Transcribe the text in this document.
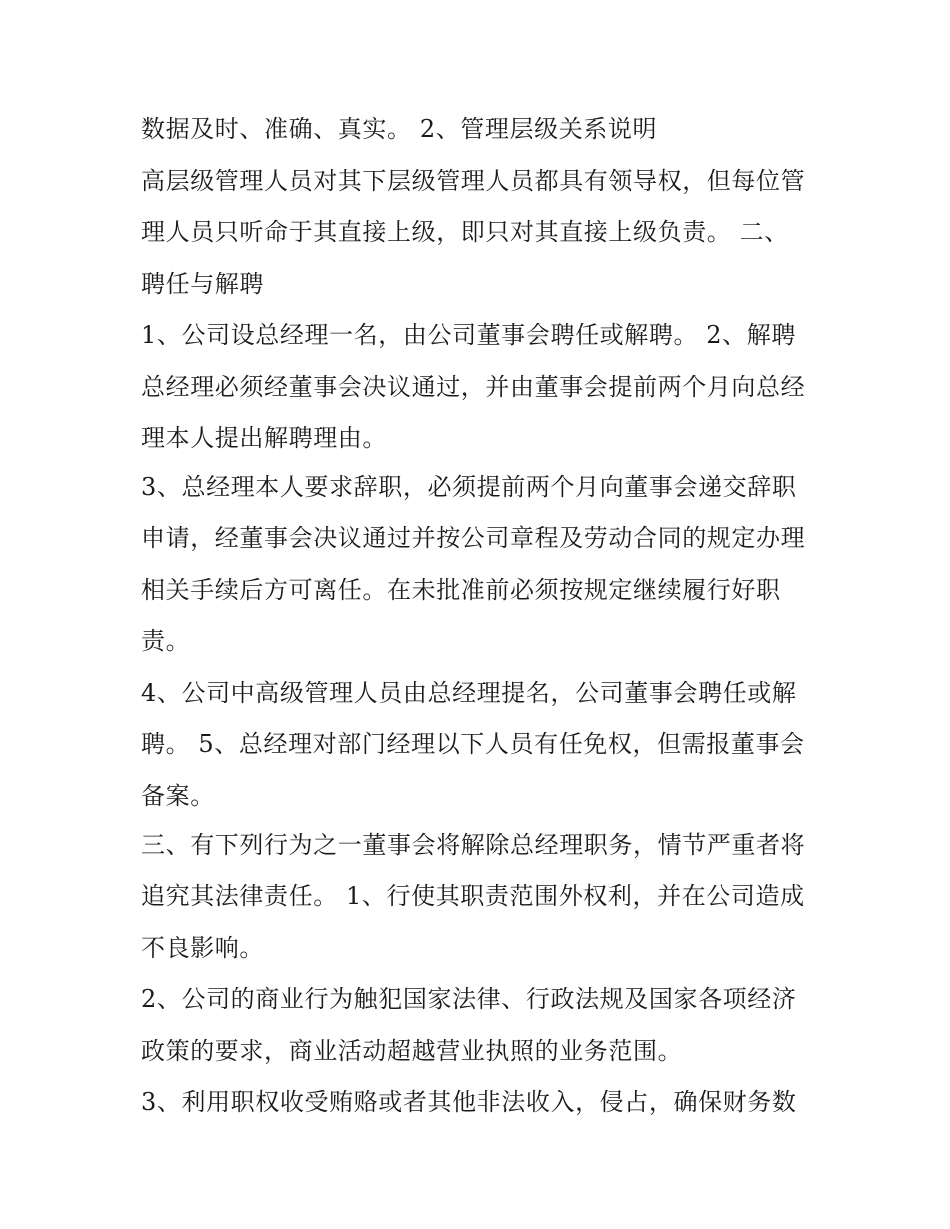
数据及时、准确、真实。 2、管理层级关系说明

高层级管理人员对其下层级管理人员都具有领导权，但每位管

理人员只听命于其直接上级，即只对其直接上级负责。 二、

聘任与解聘

1、公司设总经理一名，由公司董事会聘任或解聘。 2、解聘

总经理必须经董事会决议通过，并由董事会提前两个月向总经

理本人提出解聘理由。

3、总经理本人要求辞职，必须提前两个月向董事会递交辞职

申请，经董事会决议通过并按公司章程及劳动合同的规定办理

相关手续后方可离任。在未批准前必须按规定继续履行好职

责。

4、公司中高级管理人员由总经理提名，公司董事会聘任或解

聘。 5、总经理对部门经理以下人员有任免权，但需报董事会

备案。

三、有下列行为之一董事会将解除总经理职务，情节严重者将

追究其法律责任。 1、行使其职责范围外权利，并在公司造成

不良影响。

2、公司的商业行为触犯国家法律、行政法规及国家各项经济

政策的要求，商业活动超越营业执照的业务范围。

3、利用职权收受贿赂或者其他非法收入，侵占，确保财务数
